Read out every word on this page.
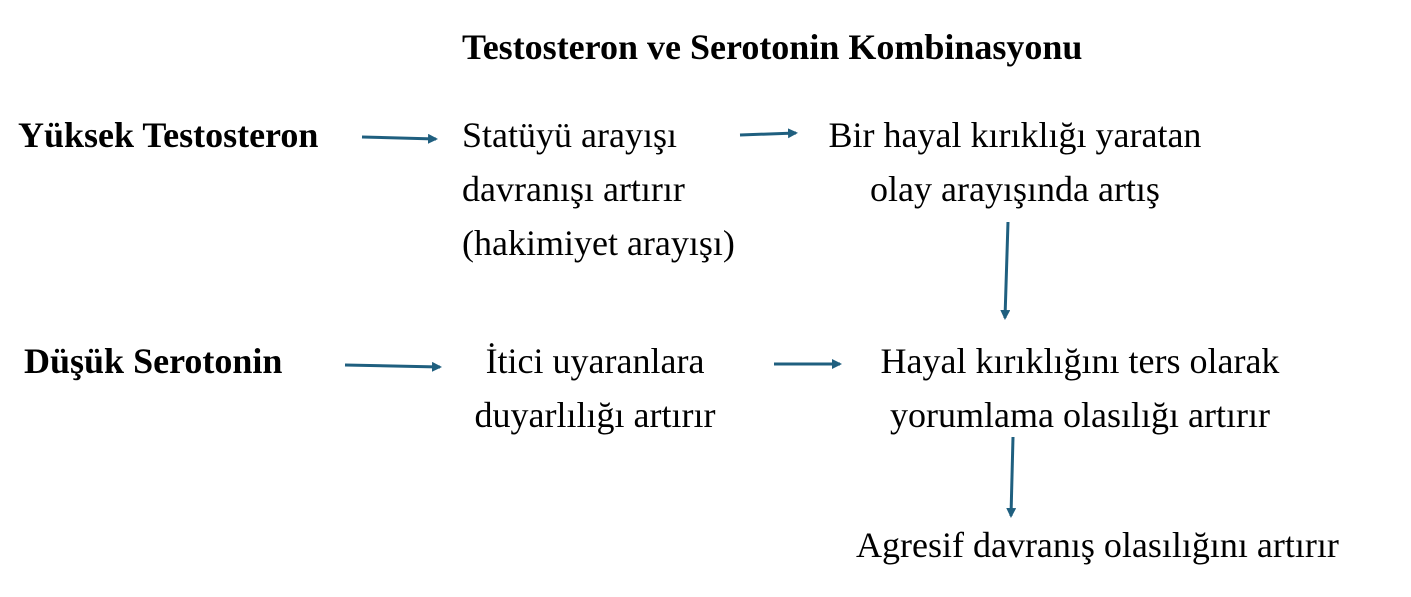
Testosteron ve Serotonin Kombinasyonu
Yüksek Testosteron
Düşük Serotonin
Statüyü arayışı
davranışı artırır
(hakimiyet arayışı)
Bir hayal kırıklığı yaratan
olay arayışında artış
İtici uyaranlara
duyarlılığı artırır
Hayal kırıklığını ters olarak
yorumlama olasılığı artırır
Agresif davranış olasılığını artırır
